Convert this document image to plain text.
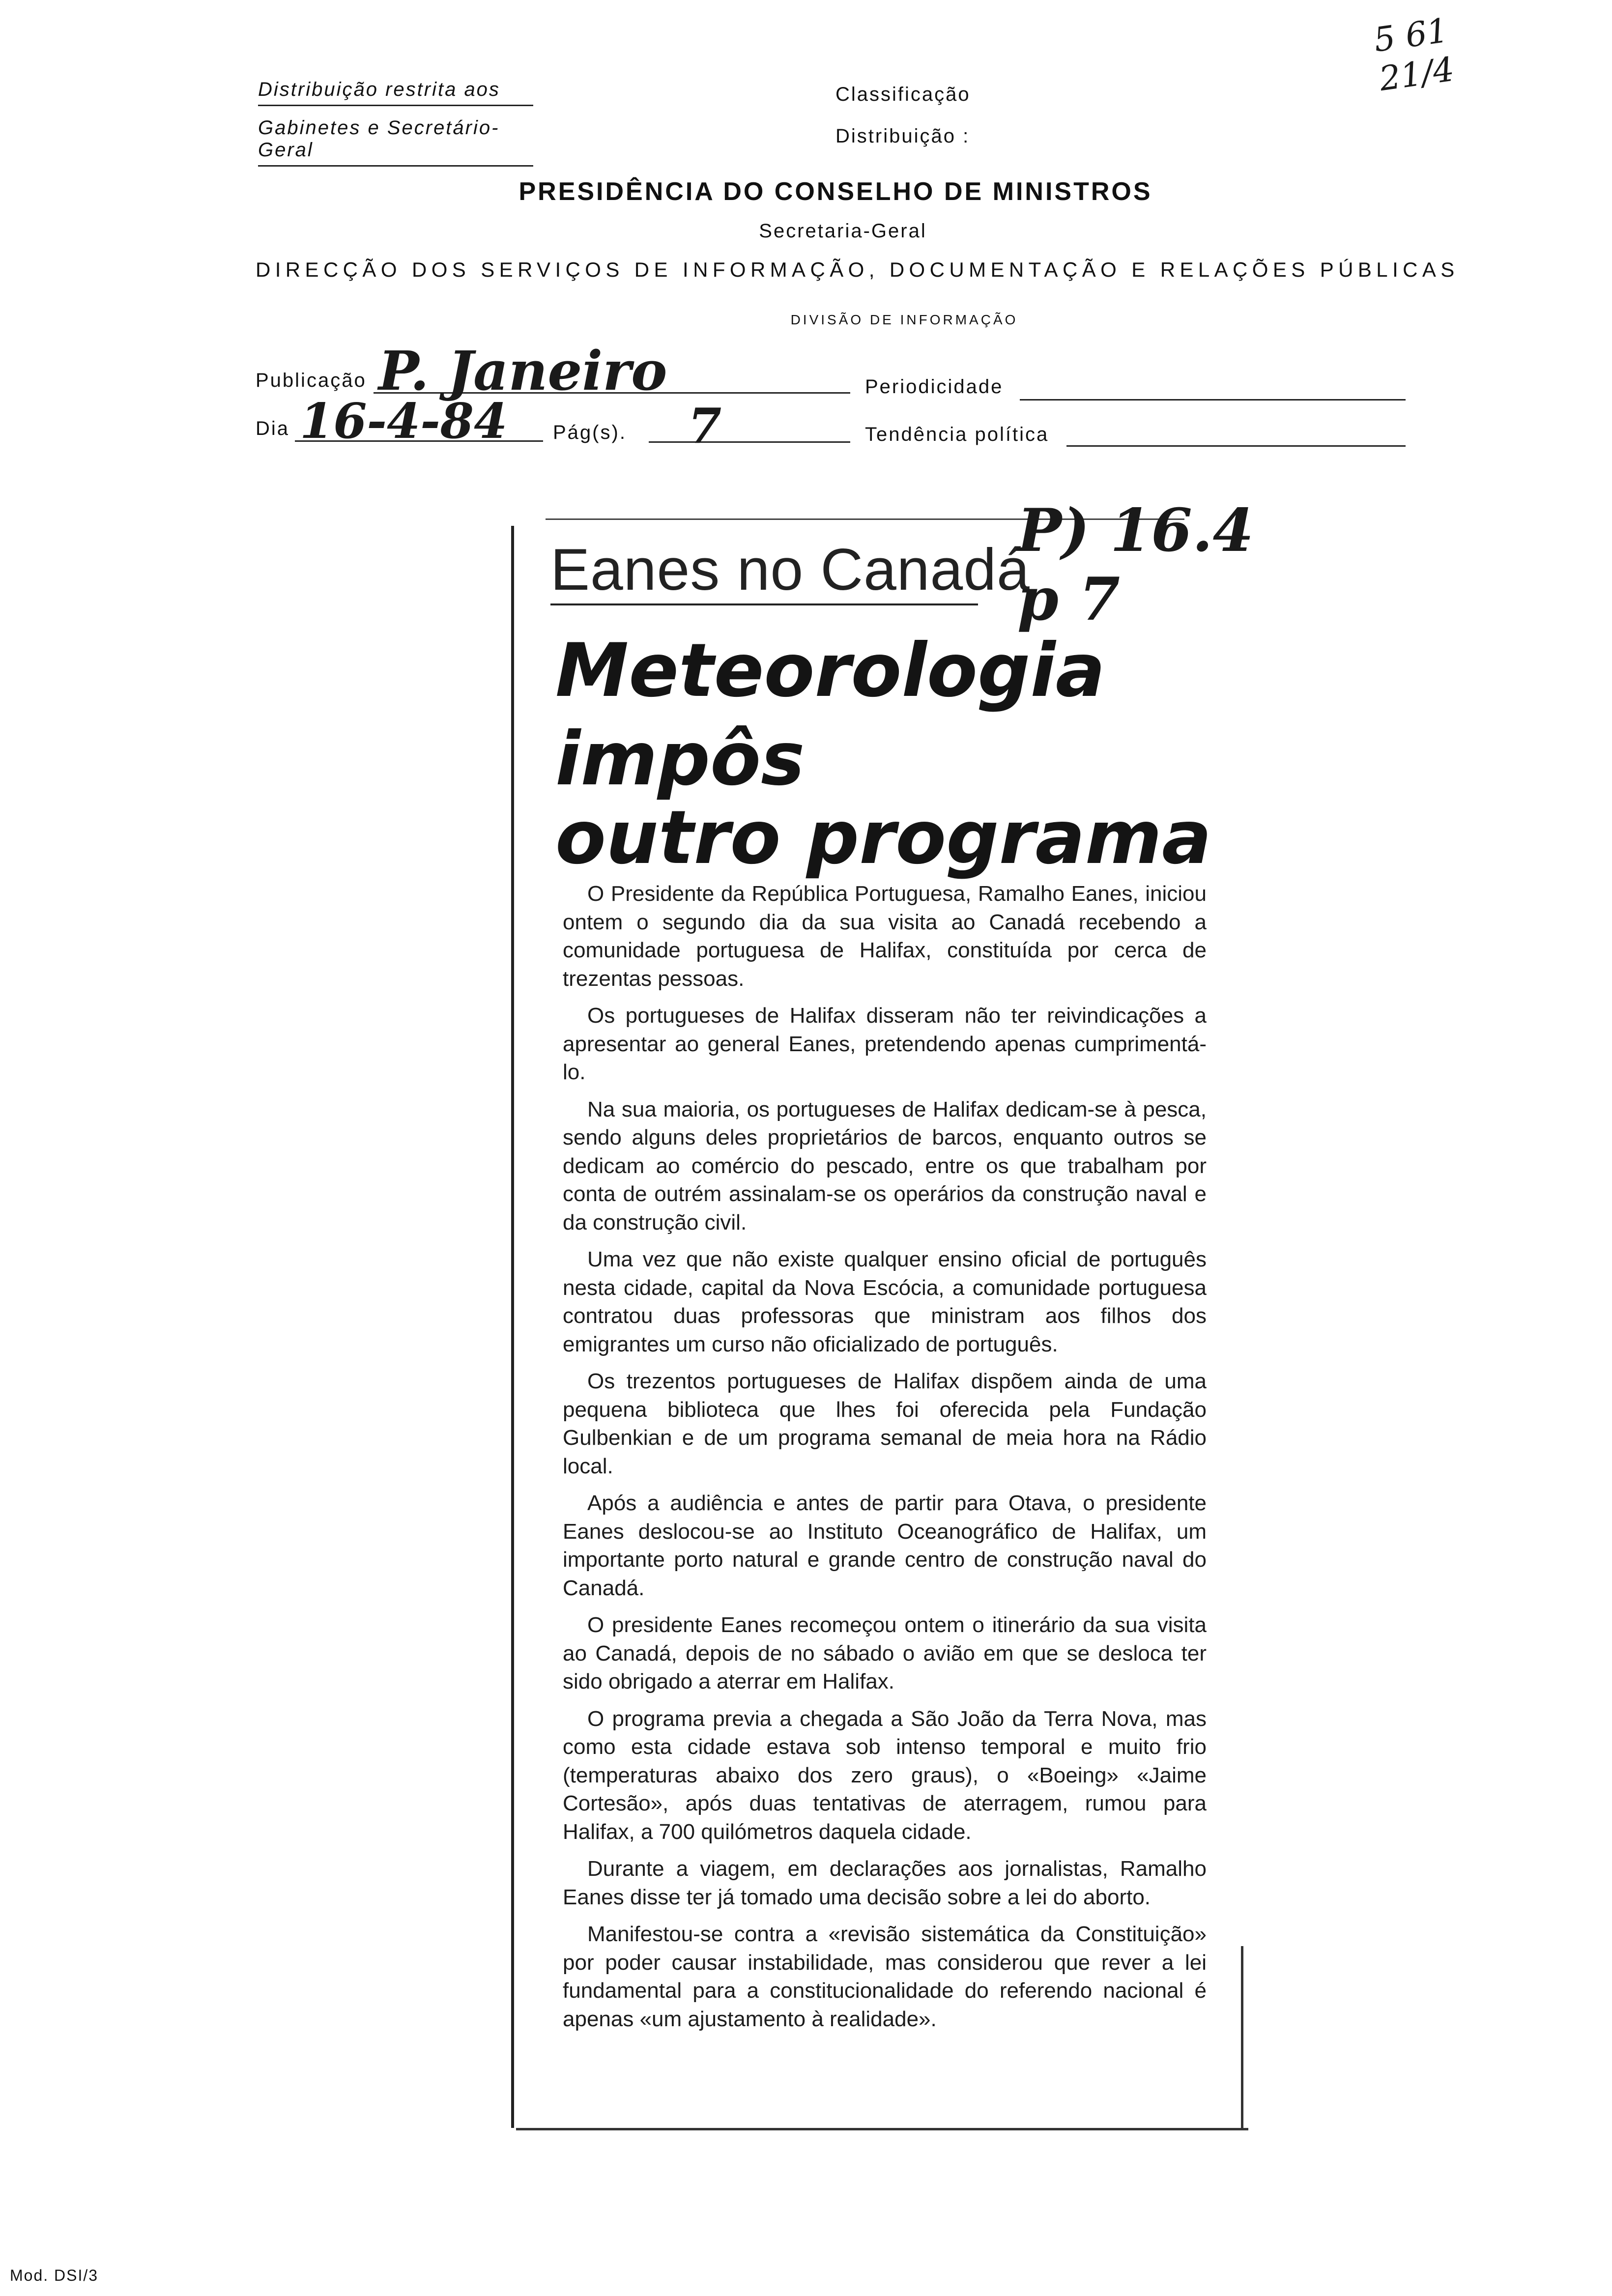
Distribuição restrita aos
Gabinetes e Secretário-Geral
Classificação
Distribuição :
5 61
21/4
PRESIDÊNCIA DO CONSELHO DE MINISTROS
Secretaria-Geral
DIRECÇÃO DOS SERVIÇOS DE INFORMAÇÃO, DOCUMENTAÇÃO E RELAÇÕES PÚBLICAS
DIVISÃO DE INFORMAÇÃO
Publicação P. Janeiro	Periodicidade
Dia 16-4-84 Pág(s). 7	Tendência política
Eanes no Canadá
P) 16.4
p 7
Meteorologia
impôs
outro programa

O Presidente da República Portuguesa, Ramalho Eanes, iniciou ontem o segundo dia da sua visita ao Canadá recebendo a comunidade portuguesa de Halifax, constituída por cerca de trezentas pessoas.

Os portugueses de Halifax disseram não ter reivindicações a apresentar ao general Eanes, pretendendo apenas cumprimentá-lo.

Na sua maioria, os portugueses de Halifax dedicam-se à pesca, sendo alguns deles proprietários de barcos, enquanto outros se dedicam ao comércio do pescado, entre os que trabalham por conta de outrém assinalam-se os operários da construção naval e da construção civil.

Uma vez que não existe qualquer ensino oficial de português nesta cidade, capital da Nova Escócia, a comunidade portuguesa contratou duas professoras que ministram aos filhos dos emigrantes um curso não oficializado de português.

Os trezentos portugueses de Halifax dispõem ainda de uma pequena biblioteca que lhes foi oferecida pela Fundação Gulbenkian e de um programa semanal de meia hora na Rádio local.

Após a audiência e antes de partir para Otava, o presidente Eanes deslocou-se ao Instituto Oceanográfico de Halifax, um importante porto natural e grande centro de construção naval do Canadá.

O presidente Eanes recomeçou ontem o itinerário da sua visita ao Canadá, depois de no sábado o avião em que se desloca ter sido obrigado a aterrar em Halifax.

O programa previa a chegada a São João da Terra Nova, mas como esta cidade estava sob intenso temporal e muito frio (temperaturas abaixo dos zero graus), o «Boeing» «Jaime Cortesão», após duas tentativas de aterragem, rumou para Halifax, a 700 quilómetros daquela cidade.

Durante a viagem, em declarações aos jornalistas, Ramalho Eanes disse ter já tomado uma decisão sobre a lei do aborto.

Manifestou-se contra a «revisão sistemática da Constituição» por poder causar instabilidade, mas considerou que rever a lei fundamental para a constitucionalidade do referendo nacional é apenas «um ajustamento à realidade».

Mod. DSI/3
